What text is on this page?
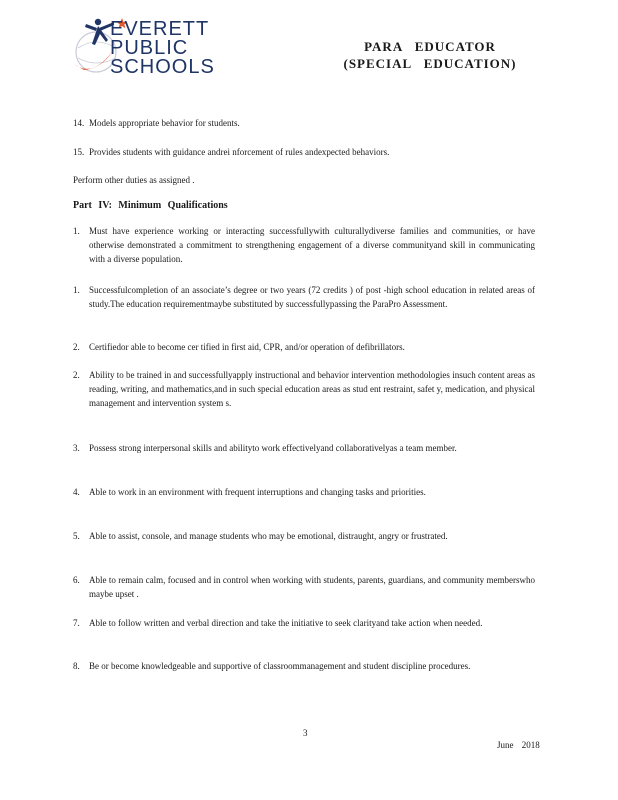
EVERETT
PUBLIC
SCHOOLS
PARA EDUCATOR
(SPECIAL EDUCATION)
14. Models appropriate behavior for students.
15. Provides students with guidance andrei nforcement of rules andexpected behaviors.
Perform other duties as assigned .
Part IV: Minimum Qualifications
1.	Must have experience working or interacting successfullywith culturallydiverse families and communities, or have otherwise demonstrated a commitment to strengthening engagement of a diverse communityand skill in communicating with a diverse population.
1.	Successfulcompletion of an associate’s degree or two years (72 credits ) of post -high school education in related areas of study.The education requirementmaybe substituted by successfullypassing the ParaPro Assessment.
2.	Certifiedor able to become cer tified in first aid, CPR, and/or operation of defibrillators.
2.	Ability to be trained in and successfullyapply instructional and behavior intervention methodologies insuch content areas as reading, writing, and mathematics,and in such special education areas as stud ent restraint, safet y, medication, and physical management and intervention system s.
3.	Possess strong interpersonal skills and abilityto work effectivelyand collaborativelyas a team member.
4.	Able to work in an environment with frequent interruptions and changing tasks and priorities.
5.	Able to assist, console, and manage students who may be emotional, distraught, angry or frustrated.
6.	Able to remain calm, focused and in control when working with students, parents, guardians, and community memberswho maybe upset .
7.	Able to follow written and verbal direction and take the initiative to seek clarityand take action when needed.
8.	Be or become knowledgeable and supportive of classroommanagement and student discipline procedures.
3
June 2018
